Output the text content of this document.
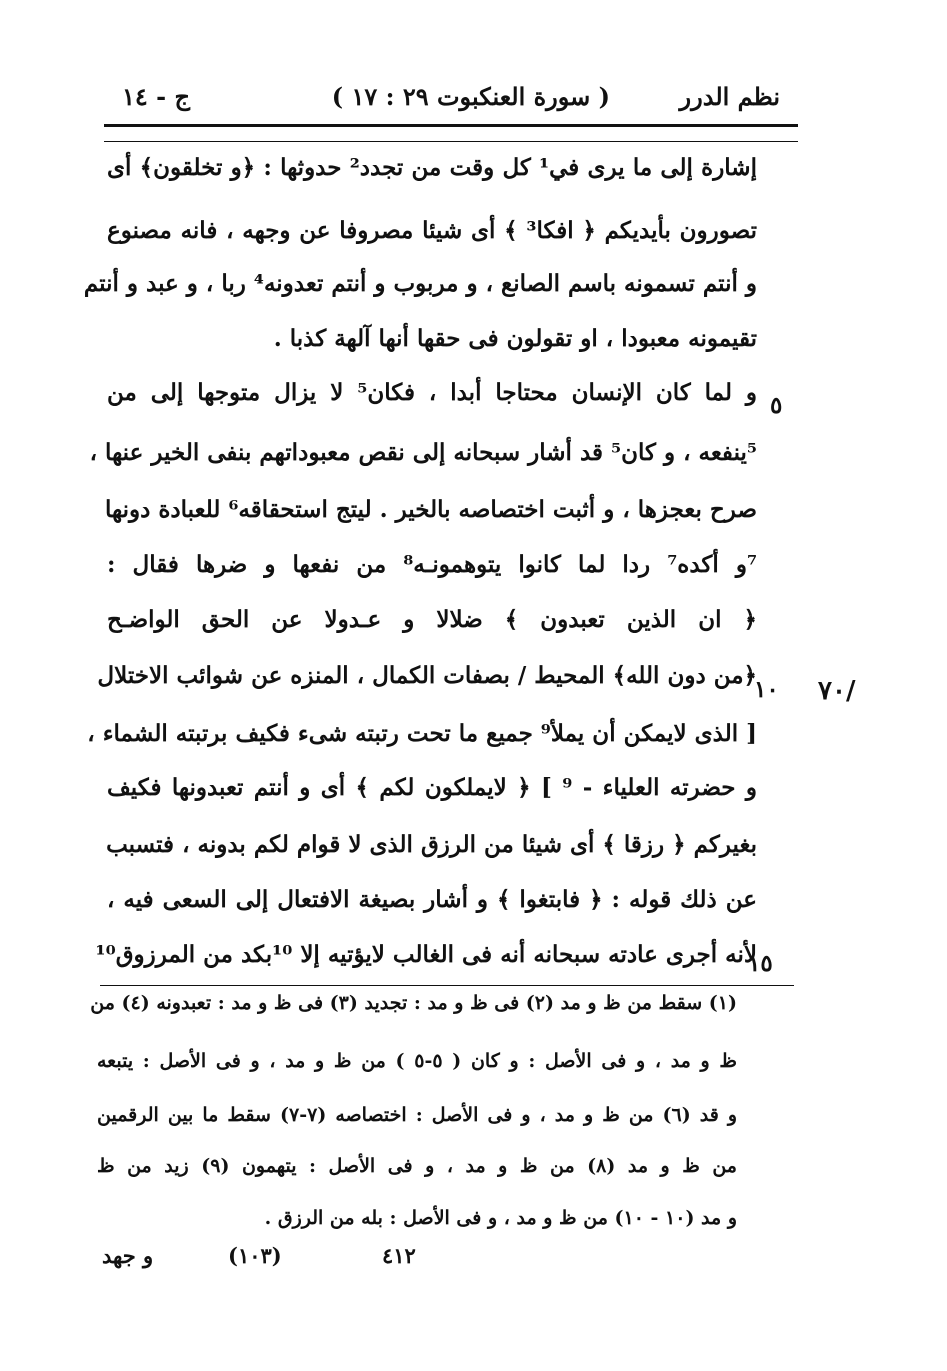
نظم الدرر
( سورة العنكبوت ٢٩ : ١٧ )
ج - ١٤
إشارة إلى ما يرى في¹ كل وقت من تجدد² حدوثها : ﴿و تخلقون﴾ أى
تصورون بأيديكم ﴿ افكا³ ﴾ أى شيئا مصروفا عن وجهه ، فانه مصنوع
و أنتم تسمونه باسم الصانع ، و مربوب و أنتم تعدونه⁴ ربا ، و عبد و أنتم
تقيمونه معبودا ، او تقولون فى حقها أنها آلهة كذبا .
و لما كان الإنسان محتاجا أبدا ، فكان⁵ لا يزال متوجها إلى من
⁵ينفعه ، و كان⁵ قد أشار سبحانه إلى نقص معبوداتهم بنفى الخير عنها ،
صرح بعجزها ، و أثبت اختصاصه بالخير . ليتج استحقاقه⁶ للعبادة دونها
⁷و أكده⁷ ردا لما كانوا يتوهمونـه⁸ من نفعها و ضرها فقال :
﴿ ان الذين تعبدون ﴾ ضلالا و عـدولا عن الحق الواضـح
﴿من دون الله﴾ المحيط / بصفات الكمال ، المنزه عن شوائب الاختلال
[ الذى لايمكن أن يملأ⁹ جميع ما تحت رتبته شىء فكيف برتبته الشماء ،
و حضرته العلياء - ⁹ ] ﴿ لايملكون لكم ﴾ أى و أنتم تعبدونها فكيف
بغيركم ﴿ رزقا ﴾ أى شيئا من الرزق الذى لا قوام لكم بدونه ، فتسبب
عن ذلك قوله : ﴿ فابتغوا ﴾ و أشار بصيغة الافتعال إلى السعى فيه ،
لأنه أجرى عادته سبحانه أنه فى الغالب لايؤتيه إلا ¹⁰بكد من المرزوق¹⁰
٥
١٠
١٥
/٧٠
(١) سقط من ظ و مد (٢) فى ظ و مد : تجديد (٣) فى ظ و مد : تعبدونه (٤) من
ظ و مد ، و فى الأصل : و كان ( ٥-٥ ) من ظ و مد ، و فى الأصل : يتبعه
و قد (٦) من ظ و مد ، و فى الأصل : اختصاصه (٧-٧) سقط ما بين الرقمين
من ظ و مد (٨) من ظ و مد ، و فى الأصل : يتهمون (٩) زيد من ظ
و مد (١٠ - ١٠) من ظ و مد ، و فى الأصل : بله من الرزق .
٤١٢
(١٠٣)
و جهد
